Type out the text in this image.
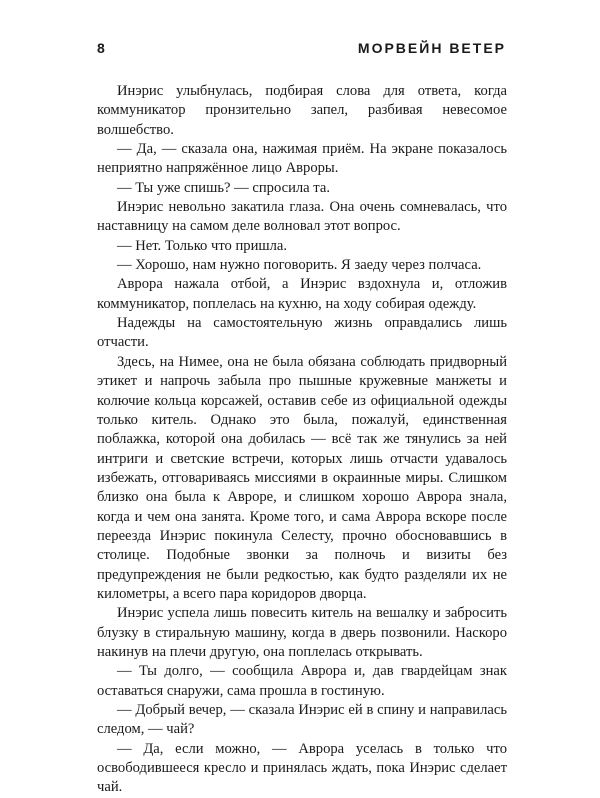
8	МОРВЕЙН ВЕТЕР

Инэрис улыбнулась, подбирая слова для ответа, когда коммуникатор пронзительно запел, разбивая невесомое волшебство.

— Да, — сказала она, нажимая приём. На экране показалось неприятно напряжённое лицо Авроры.

— Ты уже спишь? — спросила та.

Инэрис невольно закатила глаза. Она очень сомневалась, что наставницу на самом деле волновал этот вопрос.

— Нет. Только что пришла.

— Хорошо, нам нужно поговорить. Я заеду через полчаса.

Аврора нажала отбой, а Инэрис вздохнула и, отложив коммуникатор, поплелась на кухню, на ходу собирая одежду.

Надежды на самостоятельную жизнь оправдались лишь отчасти.

Здесь, на Нимее, она не была обязана соблюдать придворный этикет и напрочь забыла про пышные кружевные манжеты и колючие кольца корсажей, оставив себе из официальной одежды только китель. Однако это была, пожалуй, единственная поблажка, которой она добилась — всё так же тянулись за ней интриги и светские встречи, которых лишь отчасти удавалось избежать, отговариваясь миссиями в окраинные миры. Слишком близко она была к Авроре, и слишком хорошо Аврора знала, когда и чем она занята. Кроме того, и сама Аврора вскоре после переезда Инэрис покинула Селесту, прочно обосновавшись в столице. Подобные звонки за полночь и визиты без предупреждения не были редкостью, как будто разделяли их не километры, а всего пара коридоров дворца.

Инэрис успела лишь повесить китель на вешалку и забросить блузку в стиральную машину, когда в дверь позвонили. Наскоро накинув на плечи другую, она поплелась открывать.

— Ты долго, — сообщила Аврора и, дав гвардейцам знак оставаться снаружи, сама прошла в гостиную.

— Добрый вечер, — сказала Инэрис ей в спину и направилась следом, — чай?

— Да, если можно, — Аврора уселась в только что освободившееся кресло и принялась ждать, пока Инэрис сделает чай.
